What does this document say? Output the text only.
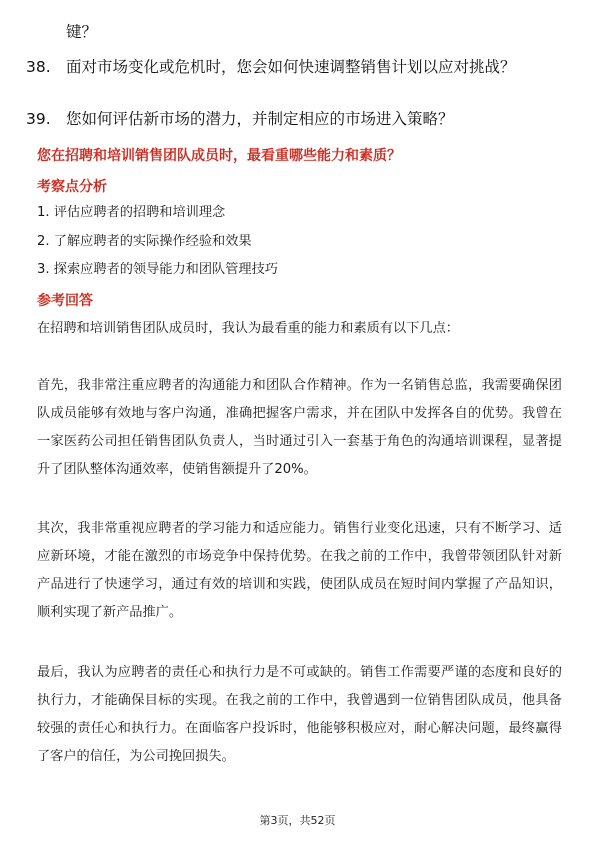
键？
38. 面对市场变化或危机时，您会如何快速调整销售计划以应对挑战？
39. 您如何评估新市场的潜力，并制定相应的市场进入策略？
您在招聘和培训销售团队成员时，最看重哪些能力和素质？
考察点分析
1. 评估应聘者的招聘和培训理念
2. 了解应聘者的实际操作经验和效果
3. 探索应聘者的领导能力和团队管理技巧
参考回答
在招聘和培训销售团队成员时，我认为最看重的能力和素质有以下几点：
首先，我非常注重应聘者的沟通能力和团队合作精神。作为一名销售总监，我需要确保团队成员能够有效地与客户沟通，准确把握客户需求，并在团队中发挥各自的优势。我曾在一家医药公司担任销售团队负责人，当时通过引入一套基于角色的沟通培训课程，显著提升了团队整体沟通效率，使销售额提升了20%。
其次，我非常重视应聘者的学习能力和适应能力。销售行业变化迅速，只有不断学习、适应新环境，才能在激烈的市场竞争中保持优势。在我之前的工作中，我曾带领团队针对新产品进行了快速学习，通过有效的培训和实践，使团队成员在短时间内掌握了产品知识，顺利实现了新产品推广。
最后，我认为应聘者的责任心和执行力是不可或缺的。销售工作需要严谨的态度和良好的执行力，才能确保目标的实现。在我之前的工作中，我曾遇到一位销售团队成员，他具备较强的责任心和执行力。在面临客户投诉时，他能够积极应对，耐心解决问题，最终赢得了客户的信任，为公司挽回损失。
第3页，共52页
